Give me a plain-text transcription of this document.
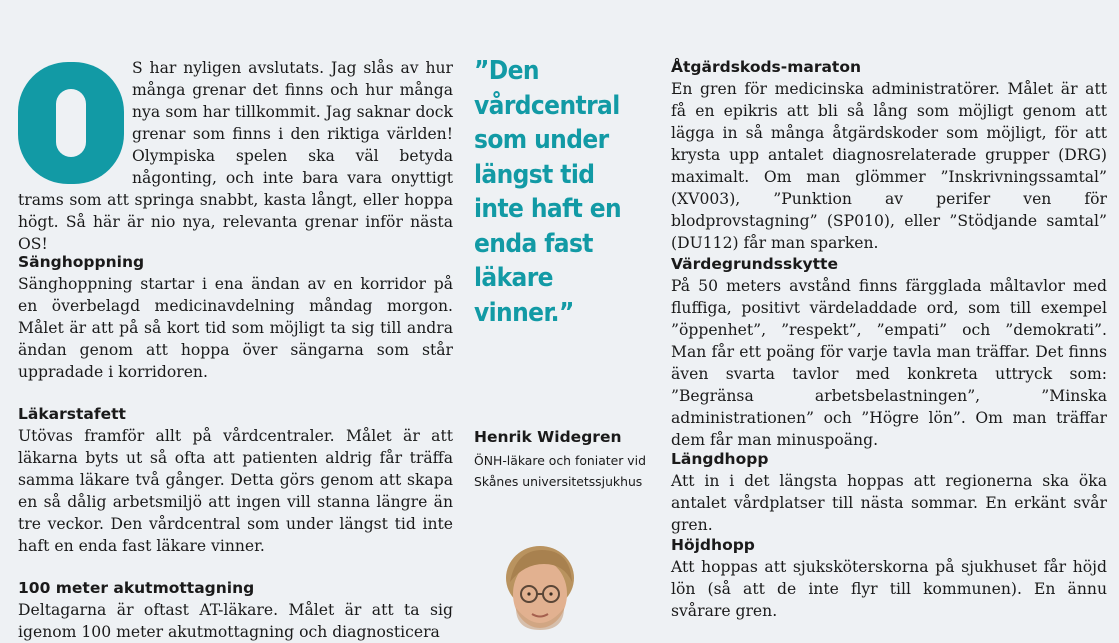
S har nyligen avslutats. Jag slås av hur många grenar det finns och hur många nya som har tillkommit. Jag saknar dock grenar som finns i den riktiga världen! Olympiska spelen ska väl betyda någonting, och inte bara vara onyttigt trams som att springa snabbt, kasta långt, eller hoppa högt. Så här är nio nya, relevanta grenar inför nästa OS!

Sänghoppning

Sänghoppning startar i ena ändan av en korridor på en överbelagd medicinavdelning måndag morgon. Målet är att på så kort tid som möjligt ta sig till andra ändan genom att hoppa över sängarna som står uppradade i korridoren.

Läkarstafett

Utövas framför allt på vårdcentraler. Målet är att läkarna byts ut så ofta att patienten aldrig får träffa samma läkare två gånger. Detta görs genom att skapa en så dålig arbetsmiljö att ingen vill stanna längre än tre veckor. Den vårdcentral som under längst tid inte haft en enda fast läkare vinner.

100 meter akutmottagning

Deltagarna är oftast AT-läkare. Målet är att ta sig igenom 100 meter akutmottagning och diagnosticera

”Den vårdcentral som under längst tid inte haft en enda fast läkare vinner.”

Henrik Widegren

ÖNH-läkare och foniater vid Skånes universitetssjukhus

Åtgärdskods-maraton

En gren för medicinska administratörer. Målet är att få en epikris att bli så lång som möjligt genom att lägga in så många åtgärdskoder som möjligt, för att krysta upp antalet diagnosrelaterade grupper (DRG) maximalt. Om man glömmer ”Inskrivningssamtal” (XV003), ”Punktion av perifer ven för blodprovstagning” (SP010), eller ”Stödjande samtal” (DU112) får man sparken.

Värdegrundsskytte

På 50 meters avstånd finns färgglada måltavlor med fluffiga, positivt värdeladdade ord, som till exempel ”öppenhet”, ”respekt”, ”empati” och ”demokrati”. Man får ett poäng för varje tavla man träffar. Det finns även svarta tavlor med konkreta uttryck som: ”Begränsa arbetsbelastningen”, ”Minska administrationen” och ”Högre lön”. Om man träffar dem får man minuspoäng.

Längdhopp

Att in i det längsta hoppas att regionerna ska öka antalet vårdplatser till nästa sommar. En erkänt svår gren.

Höjdhopp

Att hoppas att sjuksköterskorna på sjukhuset får höjd lön (så att de inte flyr till kommunen). En ännu svårare gren.
